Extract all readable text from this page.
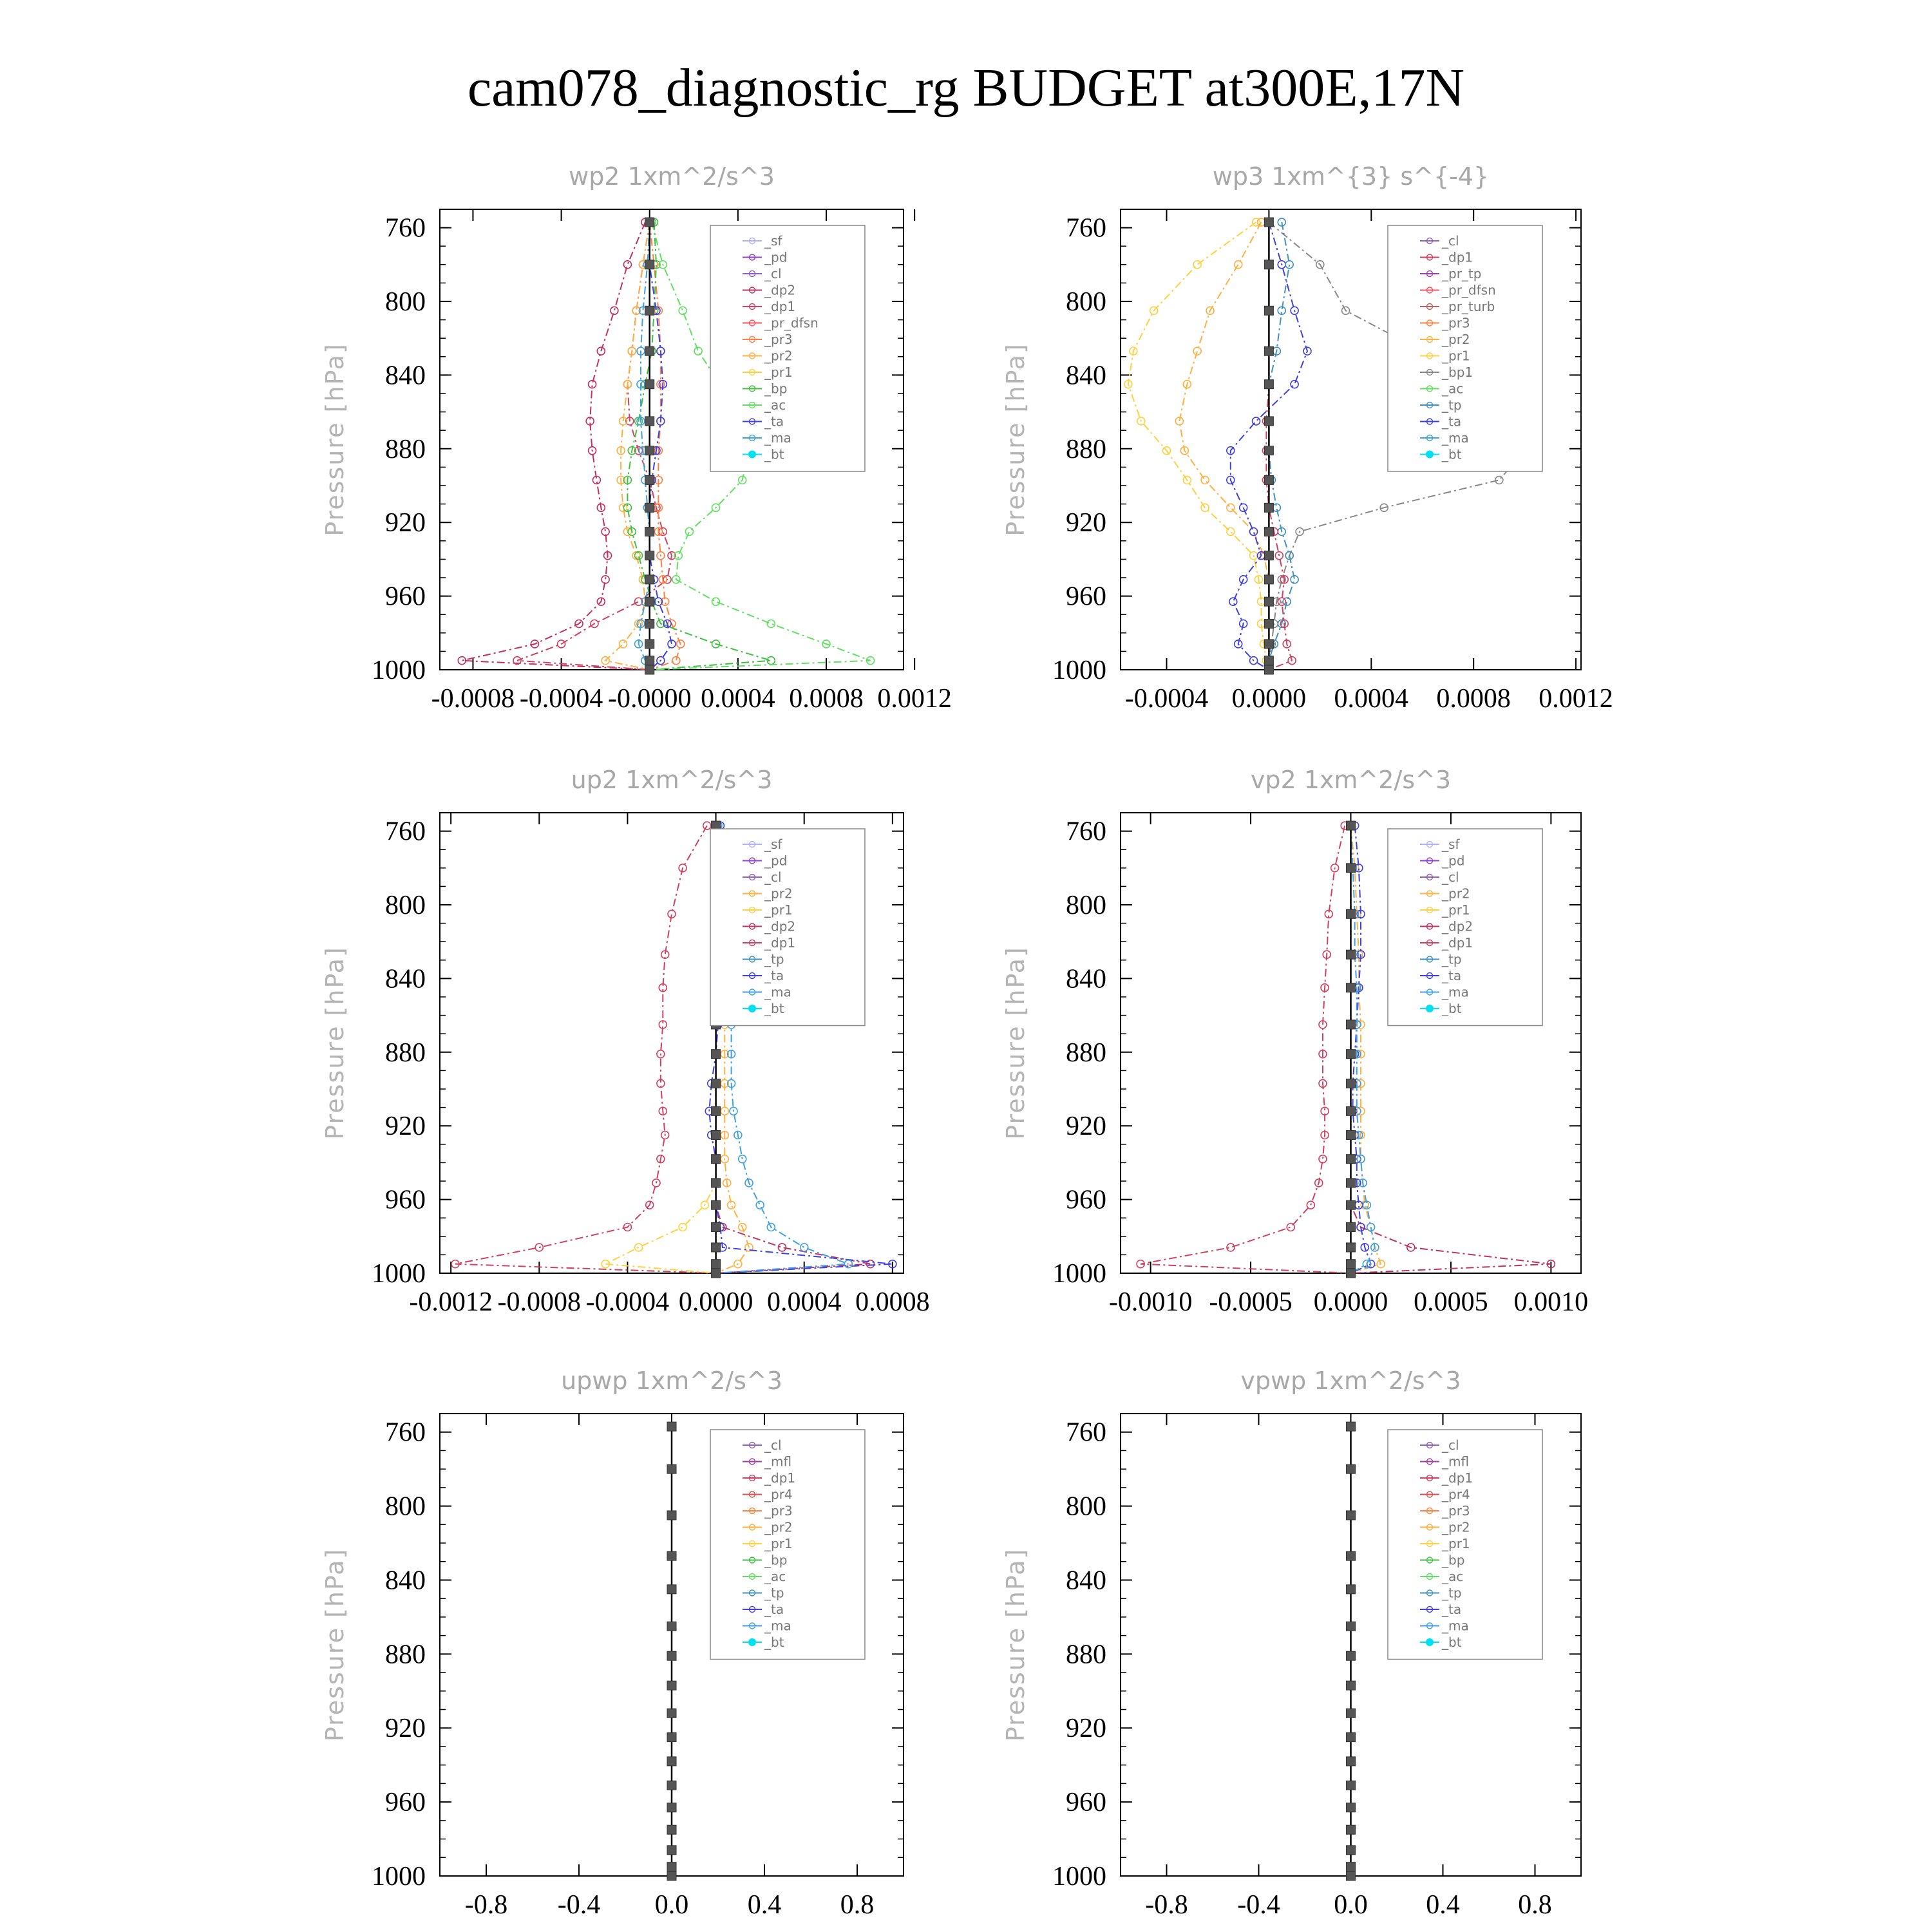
cam078_diagnostic_rg BUDGET at300E,17N
wp2 1xm^2/s^3
Pressure [hPa]
760
800
840
880
920
960
1000
-0.0008 -0.0004 -0.0000 0.0004 0.0008 0.0012
_sf
_pd
_cl
_dp2
_dp1
_pr_dfsn
_pr3
_pr2
_pr1
_bp
_ac
_ta
_ma
_bt
wp3 1xm^{3} s^{-4}
Pressure [hPa]
760
800
840
880
920
960
1000
-0.0004 0.0000 0.0004 0.0008 0.0012
_cl
_dp1
_pr_tp
_pr_dfsn
_pr_turb
_pr3
_pr2
_pr1
_bp1
_ac
_tp
_ta
_ma
_bt
up2 1xm^2/s^3
Pressure [hPa]
760
800
840
880
920
960
1000
-0.0012 -0.0008 -0.0004 0.0000 0.0004 0.0008
_sf
_pd
_cl
_pr2
_pr1
_dp2
_dp1
_tp
_ta
_ma
_bt
vp2 1xm^2/s^3
Pressure [hPa]
760
800
840
880
920
960
1000
-0.0010 -0.0005 0.0000 0.0005 0.0010
_sf
_pd
_cl
_pr2
_pr1
_dp2
_dp1
_tp
_ta
_ma
_bt
upwp 1xm^2/s^3
Pressure [hPa]
760
800
840
880
920
960
1000
-0.8 -0.4 0.0 0.4 0.8
_cl
_mfl
_dp1
_pr4
_pr3
_pr2
_pr1
_bp
_ac
_tp
_ta
_ma
_bt
vpwp 1xm^2/s^3
Pressure [hPa]
760
800
840
880
920
960
1000
-0.8 -0.4 0.0 0.4 0.8
_cl
_mfl
_dp1
_pr4
_pr3
_pr2
_pr1
_bp
_ac
_tp
_ta
_ma
_bt
